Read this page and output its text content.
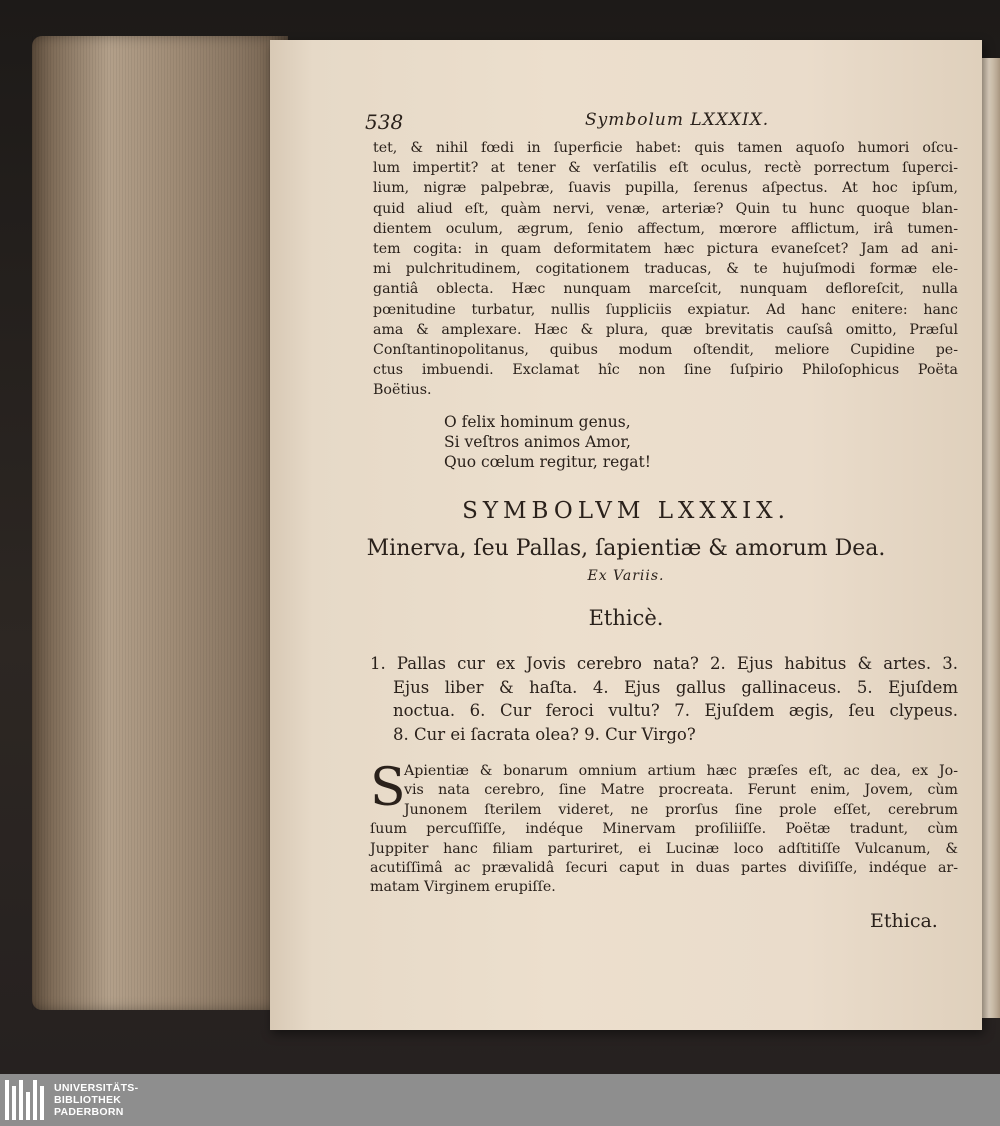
538	Symbolum LXXXIX.
tet, & nihil fœdi in ſuperficie habet: quis tamen aquoſo humori oſcu-
lum impertit? at tener & verſatilis eſt oculus, rectè porrectum ſuperci-
lium, nigræ palpebræ, ſuavis pupilla, ſerenus aſpectus. At hoc ipſum,
quid aliud eſt, quàm nervi, venæ, arteriæ? Quin tu hunc quoque blan-
dientem oculum, ægrum, ſenio affectum, mœrore afflictum, irâ tumen-
tem cogita: in quam deformitatem hæc pictura evaneſcet? Jam ad ani-
mi pulchritudinem, cogitationem traducas, & te hujuſmodi formæ ele-
gantiâ oblecta. Hæc nunquam marceſcit, nunquam defloreſcit, nulla
pœnitudine turbatur, nullis ſuppliciis expiatur. Ad hanc enitere: hanc
ama & amplexare. Hæc & plura, quæ brevitatis cauſsâ omitto, Præſul
Conſtantinopolitanus, quibus modum oſtendit, meliore Cupidine pe-
ctus imbuendi. Exclamat hîc non ſine ſuſpirio Philoſophicus Poëta
Boëtius.
O felix hominum genus,
Si veſtros animos Amor,
Quo cœlum regitur, regat!
SYMBOLVM LXXXIX.
Minerva, ſeu Pallas, ſapientiæ & amorum Dea.
Ex Variis.
Ethicè.
1. Pallas cur ex Jovis cerebro nata? 2. Ejus habitus & artes. 3.
Ejus liber & haſta. 4. Ejus gallus gallinaceus. 5. Ejuſdem
noctua. 6. Cur feroci vultu? 7. Ejuſdem ægis, ſeu clypeus.
8. Cur ei ſacrata olea? 9. Cur Virgo?
S
Apientiæ & bonarum omnium artium hæc præſes eſt, ac dea, ex Jo-
vis nata cerebro, ſine Matre procreata. Ferunt enim, Jovem, cùm
Junonem ſterilem videret, ne prorſus ſine prole eſſet, cerebrum
ſuum percuſſiſſe, indéque Minervam proſiliiſſe. Poëtæ tradunt, cùm
Juppiter hanc filiam parturiret, ei Lucinæ loco adſtitiſſe Vulcanum, &
acutiſſimâ ac prævalidâ ſecuri caput in duas partes diviſiſſe, indéque ar-
matam Virginem erupiſſe.
Ethica.
UNIVERSITÄTS-
BIBLIOTHEK
PADERBORN
